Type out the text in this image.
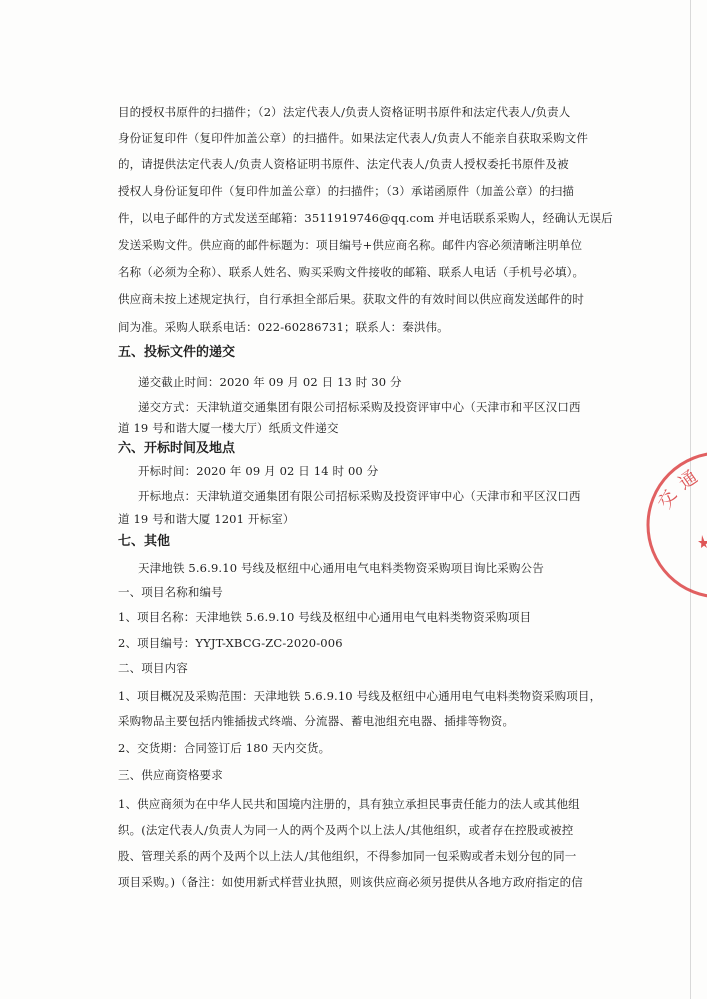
目的授权书原件的扫描件；（2）法定代表人/负责人资格证明书原件和法定代表人/负责人
身份证复印件（复印件加盖公章）的扫描件。如果法定代表人/负责人不能亲自获取采购文件
的，请提供法定代表人/负责人资格证明书原件、法定代表人/负责人授权委托书原件及被
授权人身份证复印件（复印件加盖公章）的扫描件；（3）承诺函原件（加盖公章）的扫描
件，以电子邮件的方式发送至邮箱：3511919746@qq.com 并电话联系采购人，经确认无误后
发送采购文件。供应商的邮件标题为：项目编号+供应商名称。邮件内容必须清晰注明单位
名称（必须为全称）、联系人姓名、购买采购文件接收的邮箱、联系人电话（手机号必填）。
供应商未按上述规定执行，自行承担全部后果。获取文件的有效时间以供应商发送邮件的时
间为准。采购人联系电话：022-60286731；联系人：秦洪伟。
五、投标文件的递交
递交截止时间：2020 年 09 月 02 日 13 时 30 分
递交方式：天津轨道交通集团有限公司招标采购及投资评审中心（天津市和平区汉口西
道 19 号和谐大厦一楼大厅）纸质文件递交
六、开标时间及地点
开标时间：2020 年 09 月 02 日 14 时 00 分
开标地点：天津轨道交通集团有限公司招标采购及投资评审中心（天津市和平区汉口西
道 19 号和谐大厦 1201 开标室）
七、其他
天津地铁 5.6.9.10 号线及枢纽中心通用电气电料类物资采购项目询比采购公告
一、项目名称和编号
1、项目名称：天津地铁 5.6.9.10 号线及枢纽中心通用电气电料类物资采购项目
2、项目编号：YYJT-XBCG-ZC-2020-006
二、项目内容
1、项目概况及采购范围：天津地铁 5.6.9.10 号线及枢纽中心通用电气电料类物资采购项目，
采购物品主要包括内锥插拔式终端、分流器、蓄电池组充电器、插排等物资。
2、交货期：合同签订后 180 天内交货。
三、供应商资格要求
1、供应商须为在中华人民共和国境内注册的，具有独立承担民事责任能力的法人或其他组
织。(法定代表人/负责人为同一人的两个及两个以上法人/其他组织，或者存在控股或被控
股、管理关系的两个及两个以上法人/其他组织，不得参加同一包采购或者未划分包的同一
项目采购。)（备注：如使用新式样营业执照，则该供应商必须另提供从各地方政府指定的信
交
通
